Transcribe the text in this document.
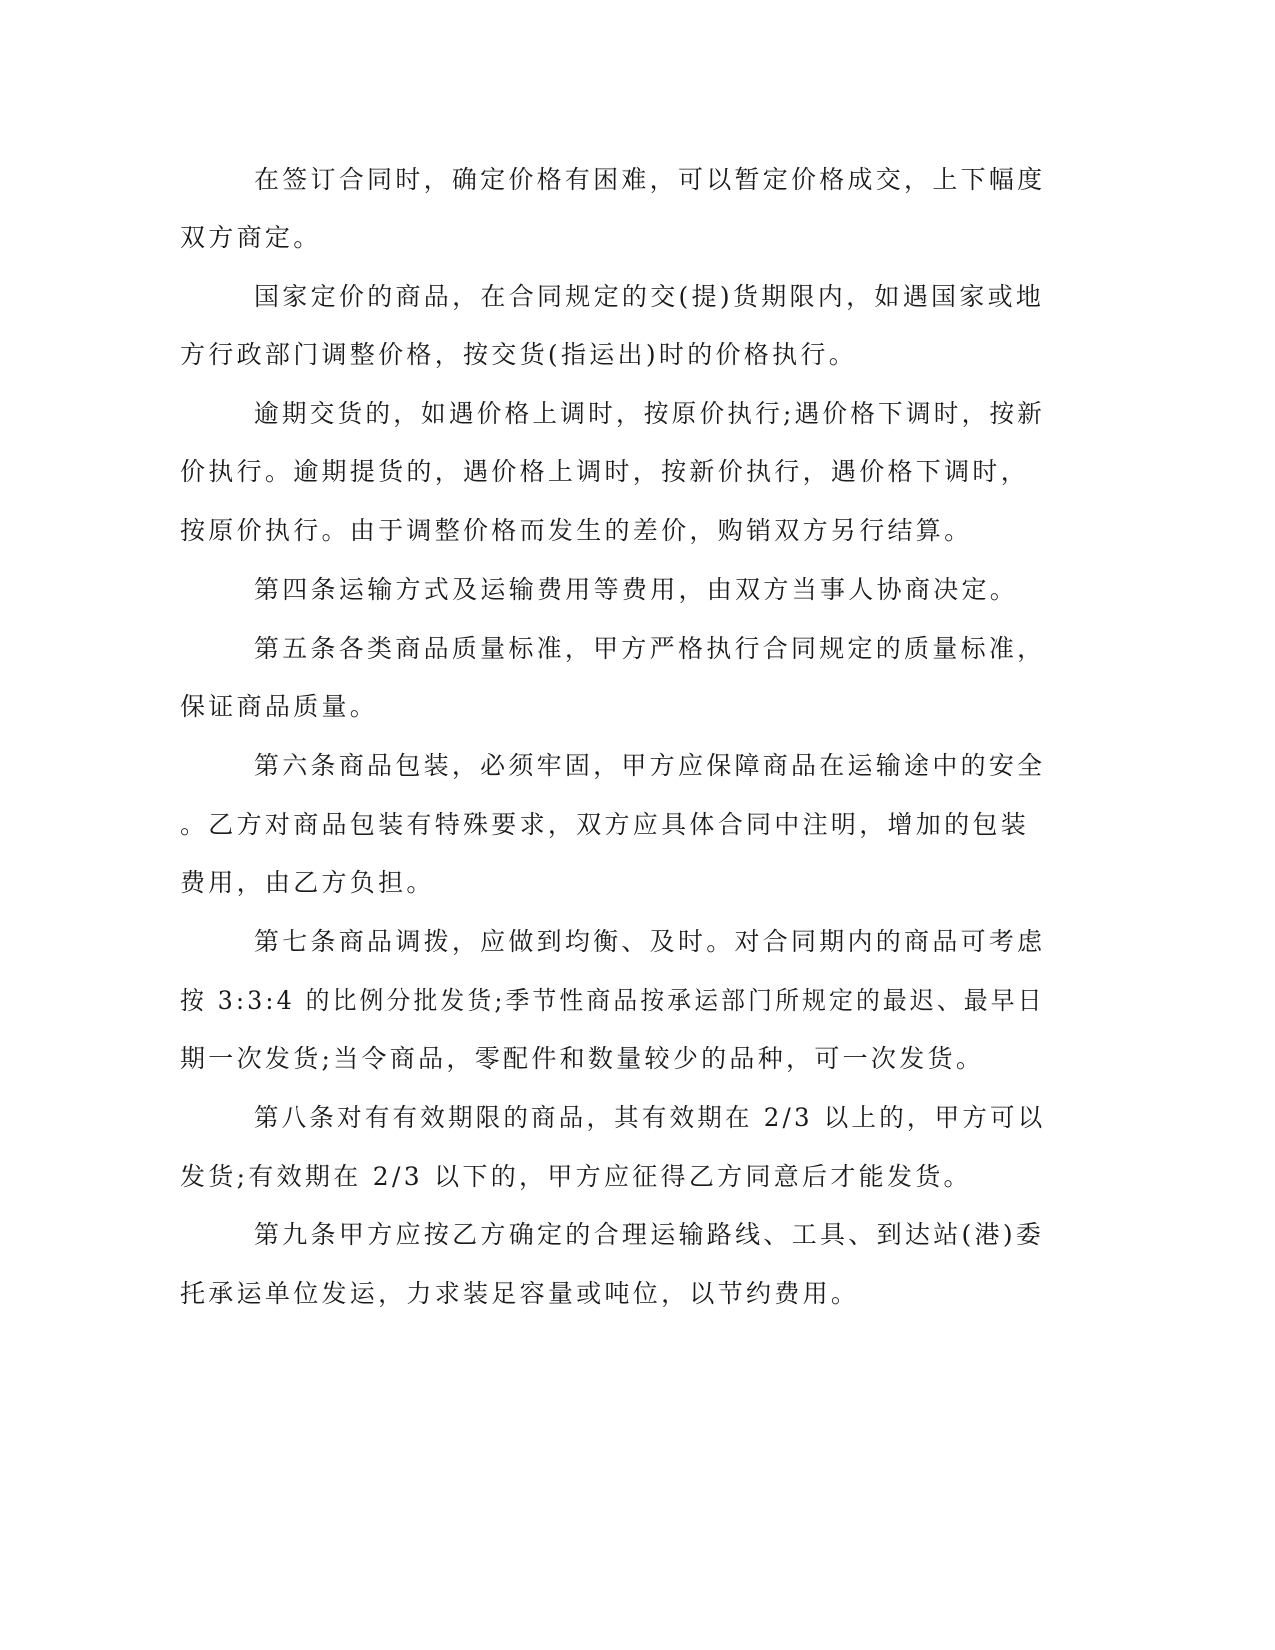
在签订合同时，确定价格有困难，可以暂定价格成交，上下幅度
双方商定。
国家定价的商品，在合同规定的交(提)货期限内，如遇国家或地
方行政部门调整价格，按交货(指运出)时的价格执行。
逾期交货的，如遇价格上调时，按原价执行;遇价格下调时，按新
价执行。逾期提货的，遇价格上调时，按新价执行，遇价格下调时，
按原价执行。由于调整价格而发生的差价，购销双方另行结算。
第四条运输方式及运输费用等费用，由双方当事人协商决定。
第五条各类商品质量标准，甲方严格执行合同规定的质量标准，
保证商品质量。
第六条商品包装，必须牢固，甲方应保障商品在运输途中的安全
。乙方对商品包装有特殊要求，双方应具体合同中注明，增加的包装
费用，由乙方负担。
第七条商品调拨，应做到均衡、及时。对合同期内的商品可考虑
按 3:3:4 的比例分批发货;季节性商品按承运部门所规定的最迟、最早日
期一次发货;当令商品，零配件和数量较少的品种，可一次发货。
第八条对有有效期限的商品，其有效期在 2/3 以上的，甲方可以
发货;有效期在 2/3 以下的，甲方应征得乙方同意后才能发货。
第九条甲方应按乙方确定的合理运输路线、工具、到达站(港)委
托承运单位发运，力求装足容量或吨位，以节约费用。
